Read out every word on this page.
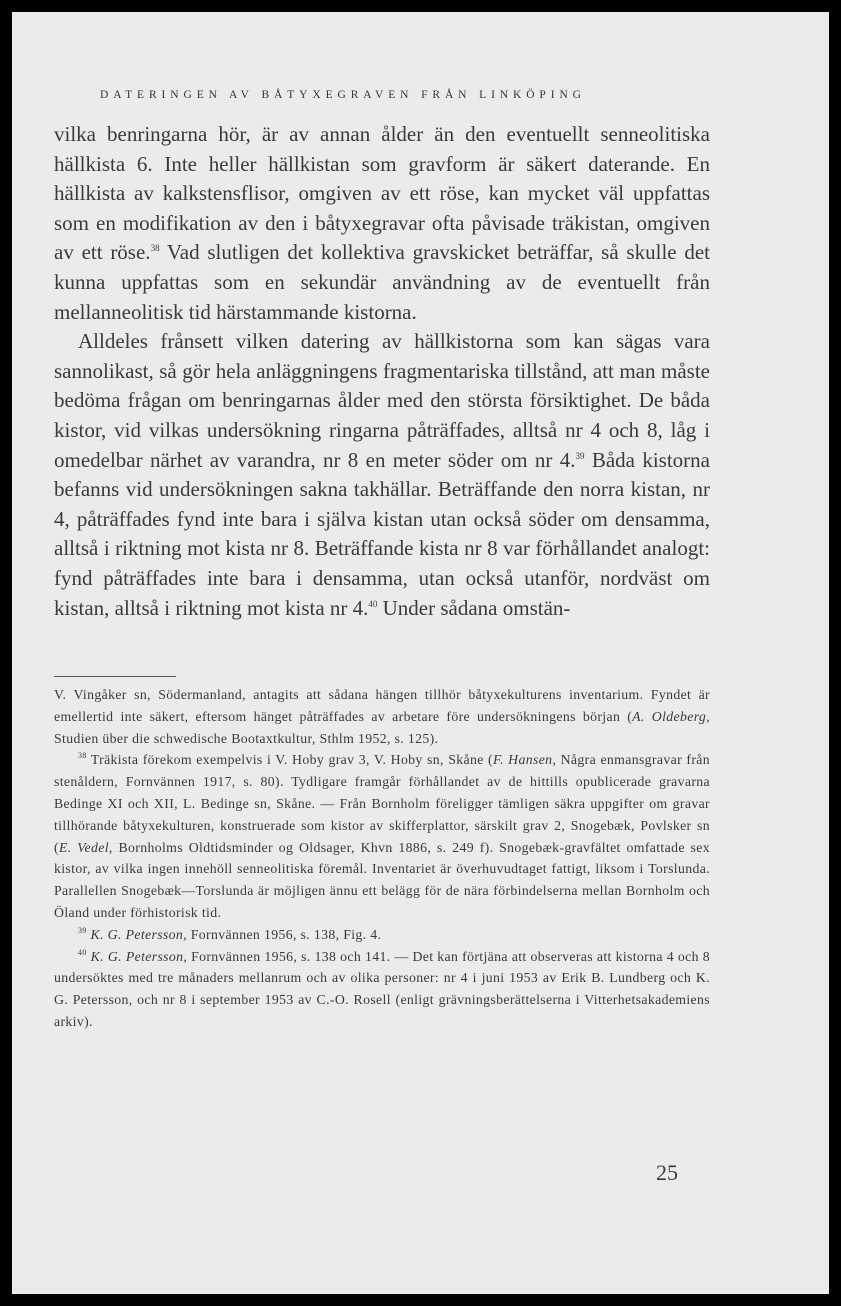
DATERINGEN AV BÅTYXEGRAVEN FRÅN LINKÖPING

vilka benringarna hör, är av annan ålder än den eventuellt senneolitiska hällkista 6. Inte heller hällkistan som gravform är säkert daterande. En hällkista av kalkstensflisor, omgiven av ett röse, kan mycket väl uppfattas som en modifikation av den i båtyxegravar ofta påvisade träkistan, omgiven av ett röse.$^{38}$ Vad slutligen det kollektiva gravskicket beträffar, så skulle det kunna uppfattas som en sekundär användning av de eventuellt från mellanneolitisk tid härstammande kistorna.

Alldeles frånsett vilken datering av hällkistorna som kan sägas vara sannolikast, så gör hela anläggningens fragmentariska tillstånd, att man måste bedöma frågan om benringarnas ålder med den största försiktighet. De båda kistor, vid vilkas undersökning ringarna påträffades, alltså nr 4 och 8, låg i omedelbar närhet av varandra, nr 8 en meter söder om nr 4.39 Båda kistorna befanns vid undersökningen sakna takhällar. Beträffande den norra kistan, nr 4, påträffades fynd inte bara i själva kistan utan också söder om densamma, alltså i riktning mot kista nr 8. Beträffande kista nr 8 var förhållandet analogt: fynd påträffades inte bara i densamma, utan också utanför, nordväst om kistan, alltså i riktning mot kista nr 4.40 Under sådana omstän-

V. Vingåker sn, Södermanland, antagits att sådana hängen tillhör båtyxekulturens inventarium. Fyndet är emellertid inte säkert, eftersom hänget påträffades av arbetare före undersökningens början (A. Oldeberg, Studien über die schwedische Bootaxtkultur, Sthlm 1952, s. 125).

$^{38}$ Träkista förekom exempelvis i V. Hoby grav 3, V. Hoby sn, Skåne (F. Hansen, Några enmansgravar från stenåldern, Fornvännen 1917, s. 80). Tydligare framgår förhållandet av de hittills opublicerade gravarna Bedinge XI och XII, L. Bedinge sn, Skåne. — Från Bornholm föreligger tämligen säkra uppgifter om gravar tillhörande båtyxekulturen, konstruerade som kistor av skifferplattor, särskilt grav 2, Snogebæk, Povlsker sn (E. Vedel, Bornholms Oldtidsminder og Oldsager, Khvn 1886, s. 249 f). Snogebæk-gravfältet omfattade sex kistor, av vilka ingen innehöll senneolitiska föremål. Inventariet är överhuvudtaget fattigt, liksom i Torslunda. Parallellen Snogebæk—Torslunda är möjligen ännu ett belägg för de nära förbindelserna mellan Bornholm och Öland under förhistorisk tid.

$^{39}$ K. G. Petersson, Fornvännen 1956, s. 138, Fig. 4.

$^{40}$ K. G. Petersson, Fornvännen 1956, s. 138 och 141. — Det kan förtjäna att observeras att kistorna 4 och 8 undersöktes med tre månaders mellanrum och av olika personer: nr 4 i juni 1953 av Erik B. Lundberg och K. G. Petersson, och nr 8 i september 1953 av C.-O. Rosell (enligt grävningsberättelserna i Vitterhetsakademiens arkiv).

25
